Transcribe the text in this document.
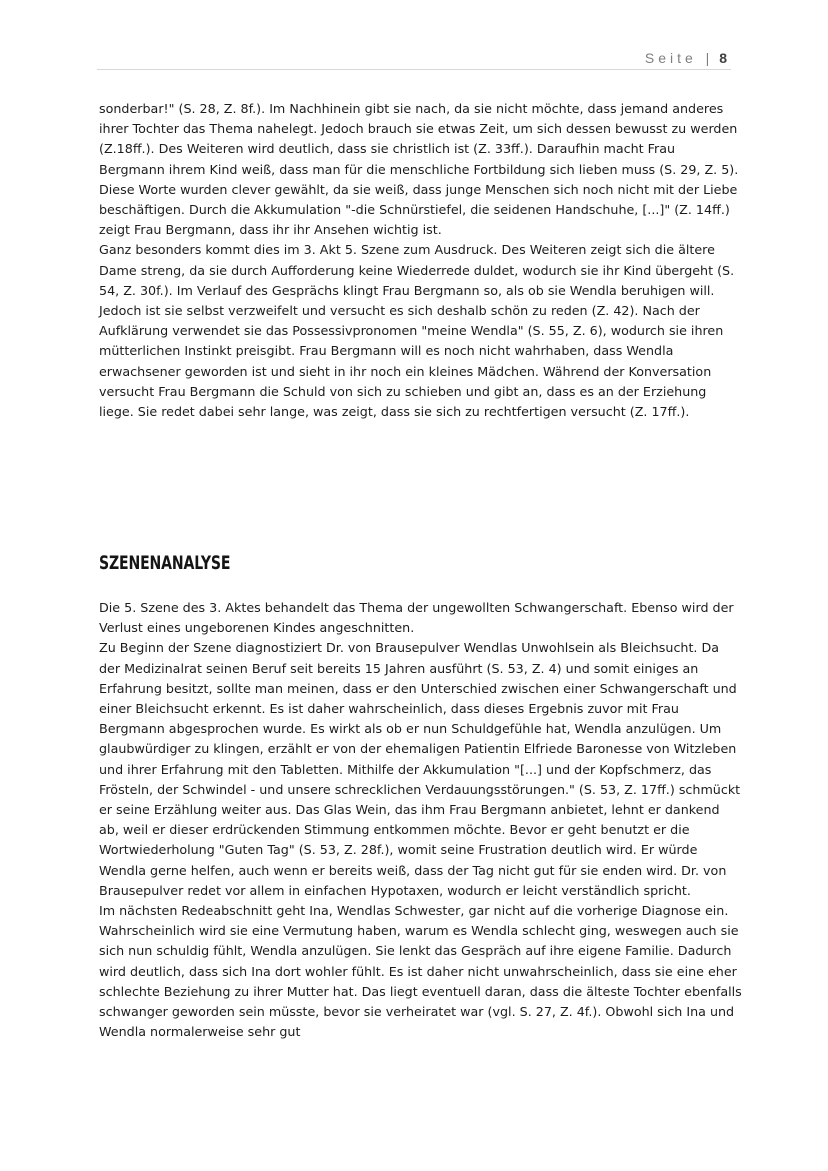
Seite | 8

sonderbar!" (S. 28, Z. 8f.). Im Nachhinein gibt sie nach, da sie nicht möchte, dass jemand anderes ihrer Tochter das Thema nahelegt. Jedoch brauch sie etwas Zeit, um sich dessen bewusst zu werden (Z.18ff.). Des Weiteren wird deutlich, dass sie christlich ist (Z. 33ff.). Daraufhin macht Frau Bergmann ihrem Kind weiß, dass man für die menschliche Fortbildung sich lieben muss (S. 29, Z. 5). Diese Worte wurden clever gewählt, da sie weiß, dass junge Menschen sich noch nicht mit der Liebe beschäftigen. Durch die Akkumulation "-die Schnürstiefel, die seidenen Handschuhe, [...]" (Z. 14ff.) zeigt Frau Bergmann, dass ihr ihr Ansehen wichtig ist.

Ganz besonders kommt dies im 3. Akt 5. Szene zum Ausdruck. Des Weiteren zeigt sich die ältere Dame streng, da sie durch Aufforderung keine Wiederrede duldet, wodurch sie ihr Kind übergeht (S. 54, Z. 30f.). Im Verlauf des Gesprächs klingt Frau Bergmann so, als ob sie Wendla beruhigen will. Jedoch ist sie selbst verzweifelt und versucht es sich deshalb schön zu reden (Z. 42). Nach der Aufklärung verwendet sie das Possessivpronomen "meine Wendla" (S. 55, Z. 6), wodurch sie ihren mütterlichen Instinkt preisgibt. Frau Bergmann will es noch nicht wahrhaben, dass Wendla erwachsener geworden ist und sieht in ihr noch ein kleines Mädchen. Während der Konversation versucht Frau Bergmann die Schuld von sich zu schieben und gibt an, dass es an der Erziehung liege. Sie redet dabei sehr lange, was zeigt, dass sie sich zu rechtfertigen versucht (Z. 17ff.).

SZENENANALYSE

Die 5. Szene des 3. Aktes behandelt das Thema der ungewollten Schwangerschaft. Ebenso wird der Verlust eines ungeborenen Kindes angeschnitten.

Zu Beginn der Szene diagnostiziert Dr. von Brausepulver Wendlas Unwohlsein als Bleichsucht. Da der Medizinalrat seinen Beruf seit bereits 15 Jahren ausführt (S. 53, Z. 4) und somit einiges an Erfahrung besitzt, sollte man meinen, dass er den Unterschied zwischen einer Schwangerschaft und einer Bleichsucht erkennt. Es ist daher wahrscheinlich, dass dieses Ergebnis zuvor mit Frau Bergmann abgesprochen wurde. Es wirkt als ob er nun Schuldgefühle hat, Wendla anzulügen. Um glaubwürdiger zu klingen, erzählt er von der ehemaligen Patientin Elfriede Baronesse von Witzleben und ihrer Erfahrung mit den Tabletten. Mithilfe der Akkumulation "[...] und der Kopfschmerz, das Frösteln, der Schwindel - und unsere schrecklichen Verdauungsstörungen." (S. 53, Z. 17ff.) schmückt er seine Erzählung weiter aus. Das Glas Wein, das ihm Frau Bergmann anbietet, lehnt er dankend ab, weil er dieser erdrückenden Stimmung entkommen möchte. Bevor er geht benutzt er die Wortwiederholung "Guten Tag" (S. 53, Z. 28f.), womit seine Frustration deutlich wird. Er würde Wendla gerne helfen, auch wenn er bereits weiß, dass der Tag nicht gut für sie enden wird. Dr. von Brausepulver redet vor allem in einfachen Hypotaxen, wodurch er leicht verständlich spricht.

Im nächsten Redeabschnitt geht Ina, Wendlas Schwester, gar nicht auf die vorherige Diagnose ein. Wahrscheinlich wird sie eine Vermutung haben, warum es Wendla schlecht ging, weswegen auch sie sich nun schuldig fühlt, Wendla anzulügen. Sie lenkt das Gespräch auf ihre eigene Familie. Dadurch wird deutlich, dass sich Ina dort wohler fühlt. Es ist daher nicht unwahrscheinlich, dass sie eine eher schlechte Beziehung zu ihrer Mutter hat. Das liegt eventuell daran, dass die älteste Tochter ebenfalls schwanger geworden sein müsste, bevor sie verheiratet war (vgl. S. 27, Z. 4f.). Obwohl sich Ina und Wendla normalerweise sehr gut
